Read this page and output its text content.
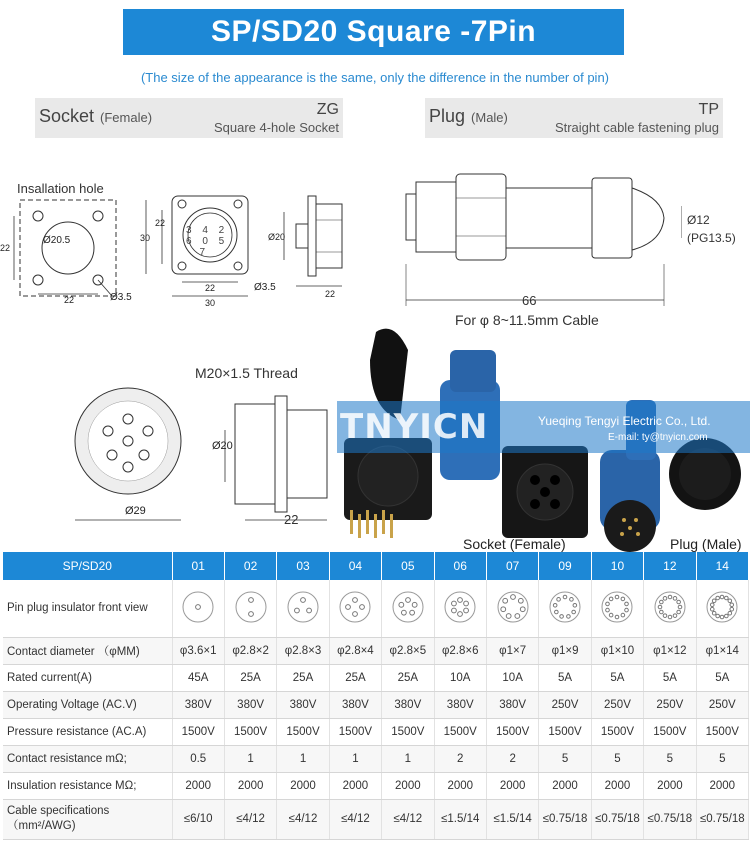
SP/SD20 Square -7Pin
(The size of the appearance is the same, only the difference in the number of pin)
Socket (Female)	ZG
Square 4-hole Socket
Plug (Male)	TP
Straight cable fastening plug
Insallation hole
Ø20.5
Ø3.5
22
22
3 4 2
6 0 5
7
30
22
22
30
Ø20
Ø3.5
22
Ø12
(PG13.5)
66
For φ 8~11.5mm Cable
M20×1.5 Thread
Ø29
Ø20
22
TNYICN	Yueqing Tengyi Electric Co., Ltd.
E-mail: ty@tnyicn.com
Socket (Female)	Plug (Male)
SP/SD20	01	02	03	04	05	06	07	09	10	12	14
Pin plug insulator front view											
Contact diameter （φMM)	φ3.6×1	φ2.8×2	φ2.8×3	φ2.8×4	φ2.8×5	φ2.8×6	φ1×7	φ1×9	φ1×10	φ1×12	φ1×14
Rated current(A)	45A	25A	25A	25A	25A	10A	10A	5A	5A	5A	5A
Operating Voltage (AC.V)	380V	380V	380V	380V	380V	380V	380V	250V	250V	250V	250V
Pressure resistance (AC.A)	1500V	1500V	1500V	1500V	1500V	1500V	1500V	1500V	1500V	1500V	1500V
Contact resistance mΩ;	0.5	1	1	1	1	2	2	5	5	5	5
Insulation resistance MΩ;	2000	2000	2000	2000	2000	2000	2000	2000	2000	2000	2000
Cable specifications（mm²/AWG)	≤6/10	≤4/12	≤4/12	≤4/12	≤4/12	≤1.5/14	≤1.5/14	≤0.75/18	≤0.75/18	≤0.75/18	≤0.75/18
